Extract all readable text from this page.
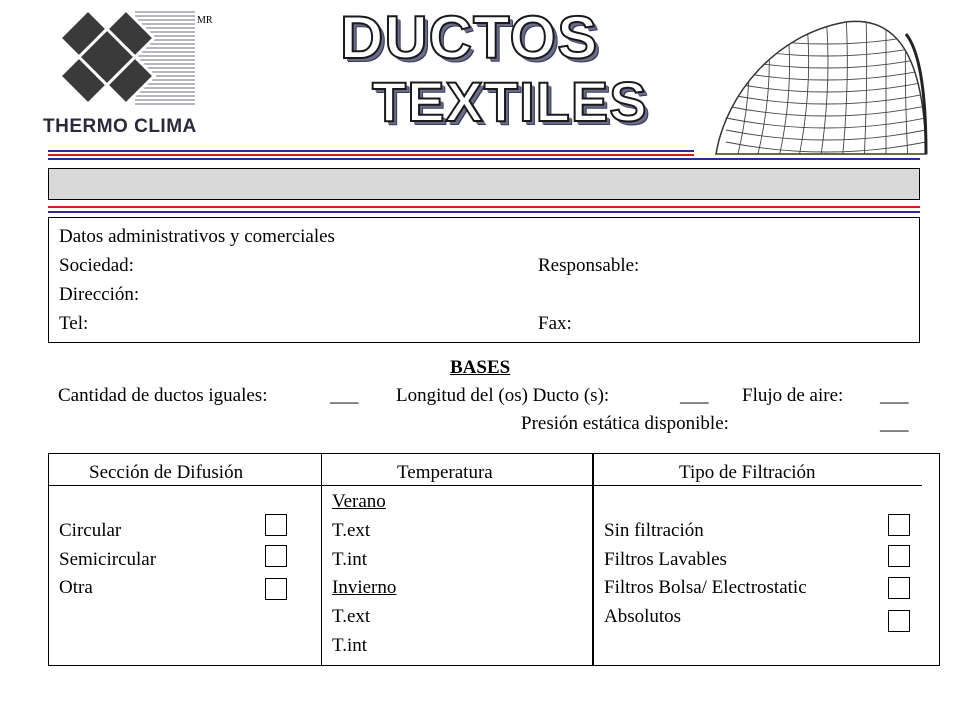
THERMO CLIMA
MR DUCTOS
TEXTILES
Datos administrativos y comerciales
Sociedad:	Responsable:
Dirección:
Tel:	Fax:
BASES
Cantidad de ductos iguales:	___ Longitud del (os) Ducto (s):	___ Flujo de aire: ___
Presión estática disponible:	___
Sección de Difusión
Circular
Semicircular
Otra
Temperatura
Verano
T.ext
T.int
Invierno
T.ext
T.int
Tipo de Filtración
Sin filtración
Filtros Lavables
Filtros Bolsa/ Electrostatic
Absolutos
